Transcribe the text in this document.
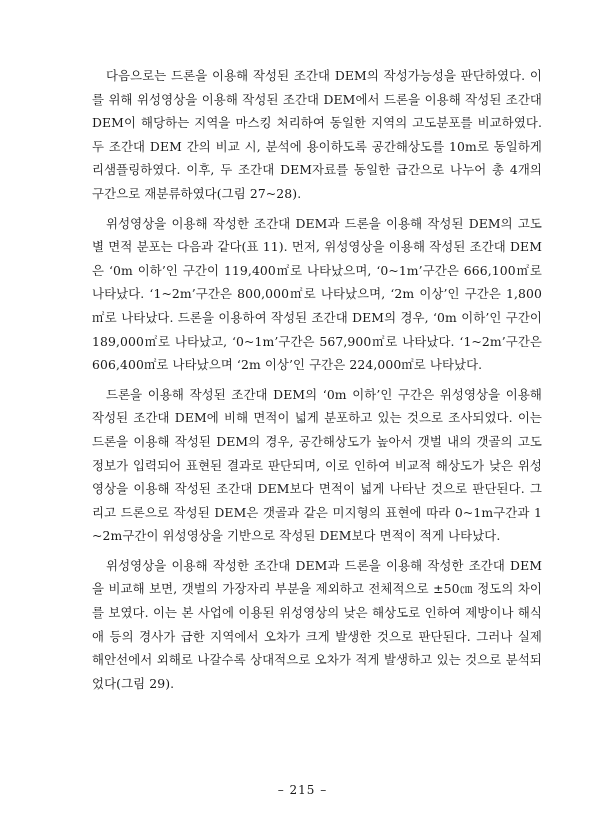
다음으로는 드론을 이용해 작성된 조간대 DEM의 작성가능성을 판단하였다. 이를 위해 위성영상을 이용해 작성된 조간대 DEM에서 드론을 이용해 작성된 조간대 DEM이 해당하는 지역을 마스킹 처리하여 동일한 지역의 고도분포를 비교하였다. 두 조간대 DEM 간의 비교 시, 분석에 용이하도록 공간해상도를 10m로 동일하게 리샘플링하였다. 이후, 두 조간대 DEM자료를 동일한 급간으로 나누어 총 4개의 구간으로 재분류하였다(그림 27~28).

위성영상을 이용해 작성한 조간대 DEM과 드론을 이용해 작성된 DEM의 고도별 면적 분포는 다음과 같다(표 11). 먼저, 위성영상을 이용해 작성된 조간대 DEM은 ‘0m 이하’인 구간이 119,400㎡로 나타났으며, ‘0~1m’구간은 666,100㎡로 나타났다. ‘1~2m’구간은 800,000㎡로 나타났으며, ‘2m 이상’인 구간은 1,800㎡로 나타났다. 드론을 이용하여 작성된 조간대 DEM의 경우, ‘0m 이하’인 구간이 189,000㎡로 나타났고, ‘0~1m’구간은 567,900㎡로 나타났다. ‘1~2m’구간은 606,400㎡로 나타났으며 ‘2m 이상’인 구간은 224,000㎡로 나타났다.

드론을 이용해 작성된 조간대 DEM의 ‘0m 이하’인 구간은 위성영상을 이용해 작성된 조간대 DEM에 비해 면적이 넓게 분포하고 있는 것으로 조사되었다. 이는 드론을 이용해 작성된 DEM의 경우, 공간해상도가 높아서 갯벌 내의 갯골의 고도정보가 입력되어 표현된 결과로 판단되며, 이로 인하여 비교적 해상도가 낮은 위성영상을 이용해 작성된 조간대 DEM보다 면적이 넓게 나타난 것으로 판단된다. 그리고 드론으로 작성된 DEM은 갯골과 같은 미지형의 표현에 따라 0~1m구간과 1~2m구간이 위성영상을 기반으로 작성된 DEM보다 면적이 적게 나타났다.

위성영상을 이용해 작성한 조간대 DEM과 드론을 이용해 작성한 조간대 DEM을 비교해 보면, 갯벌의 가장자리 부분을 제외하고 전체적으로 ±50㎝ 정도의 차이를 보였다. 이는 본 사업에 이용된 위성영상의 낮은 해상도로 인하여 제방이나 해식애 등의 경사가 급한 지역에서 오차가 크게 발생한 것으로 판단된다. 그러나 실제 해안선에서 외해로 나갈수록 상대적으로 오차가 적게 발생하고 있는 것으로 분석되었다(그림 29).

– 215 –
